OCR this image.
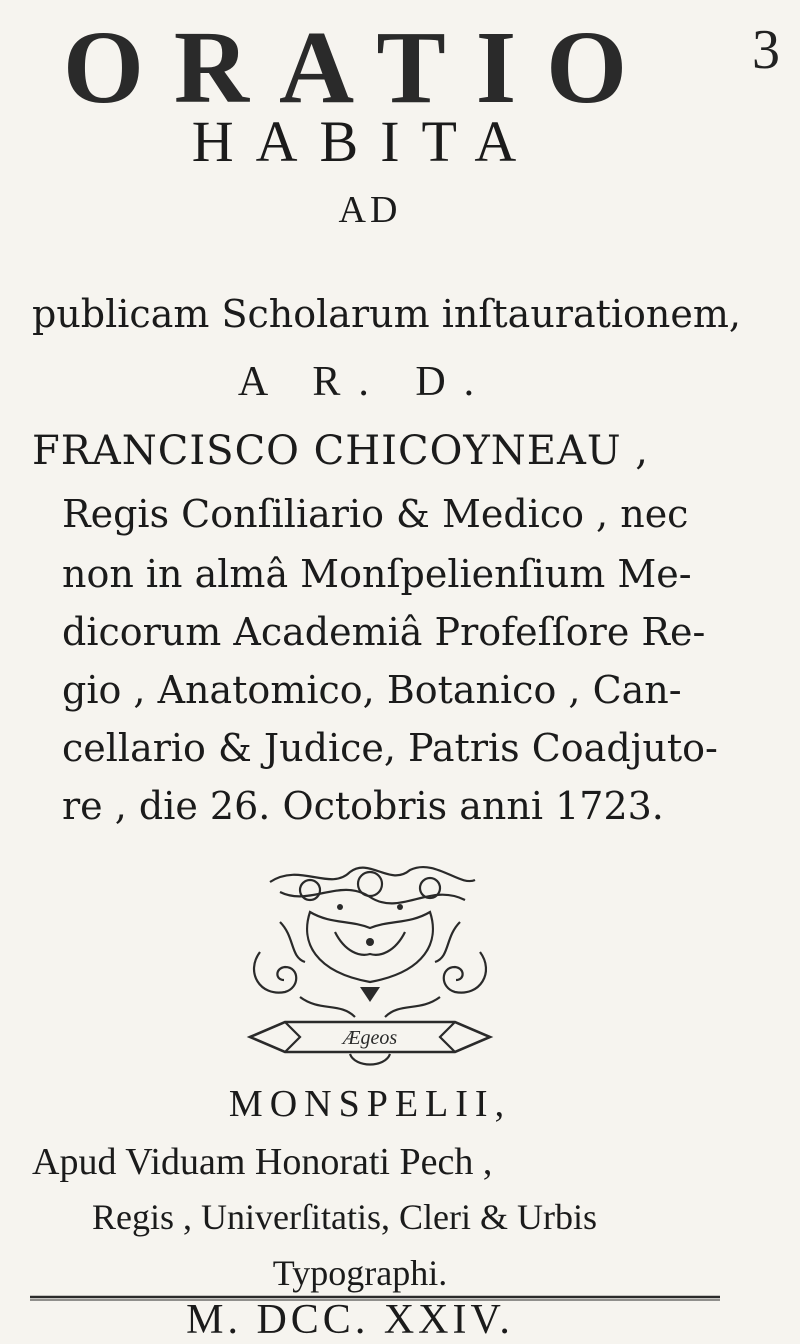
3
ORATIO
HABITA
AD
publicam Scholarum inſtaurationem,
A R. D.
FRANCISCO CHICOYNEAU ,
Regis Conſiliario & Medico , nec
non in almâ Monſpelienſium Me-
dicorum Academiâ Profeſſore Re-
gio , Anatomico, Botanico , Can-
cellario & Judice, Patris Coadjuto-
re , die 26. Octobris anni 1723.
Ægeos
MONSPELII,
Apud Viduam Honorati Pech ,
Regis , Univerſitatis, Cleri & Urbis
Typographi.
M. DCC. XXIV.
